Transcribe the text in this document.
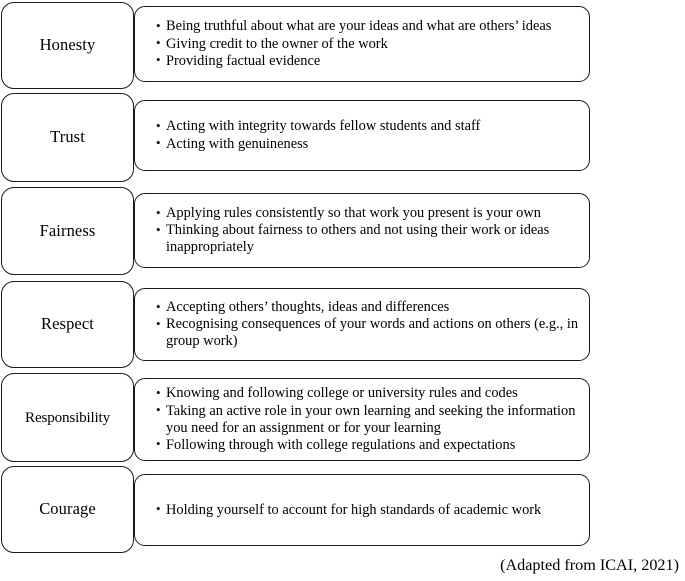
• Being truthful about what are your ideas and what are others’ ideas
• Giving credit to the owner of the work
• Providing factual evidence
Honesty
• Acting with integrity towards fellow students and staff
• Acting with genuineness
Trust
• Applying rules consistently so that work you present is your own
• Thinking about fairness to others and not using their work or ideas inappropriately
Fairness
• Accepting others’ thoughts, ideas and differences
• Recognising consequences of your words and actions on others (e.g., in group work)
Respect
• Knowing and following college or university rules and codes
• Taking an active role in your own learning and seeking the information you need for an assignment or for your learning
• Following through with college regulations and expectations
Responsibility
• Holding yourself to account for high standards of academic work
Courage
(Adapted from ICAI, 2021)
